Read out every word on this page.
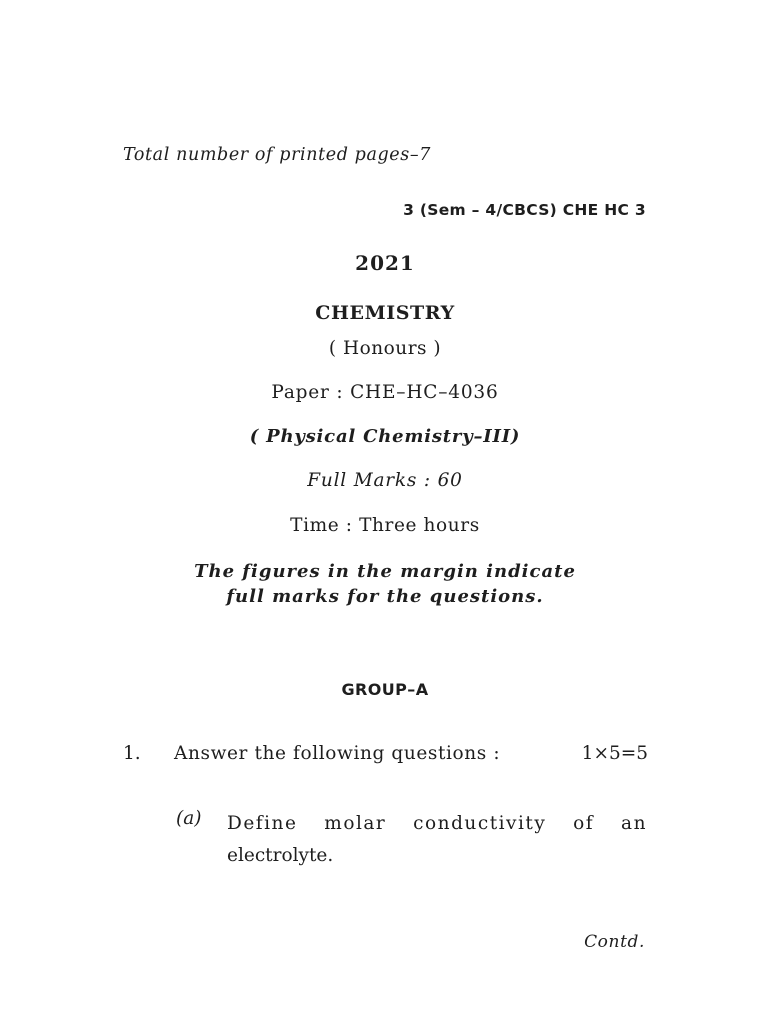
Total number of printed pages–7
3 (Sem – 4/CBCS) CHE HC 3
2021
CHEMISTRY
( Honours )
Paper : CHE–HC–4036
( Physical Chemistry–III)
Full Marks : 60
Time : Three hours
The figures in the margin indicate
full marks for the questions.
GROUP–A
1. Answer the following questions :	1×5=5
(a) Define molar conductivity of an
electrolyte.
Contd.
